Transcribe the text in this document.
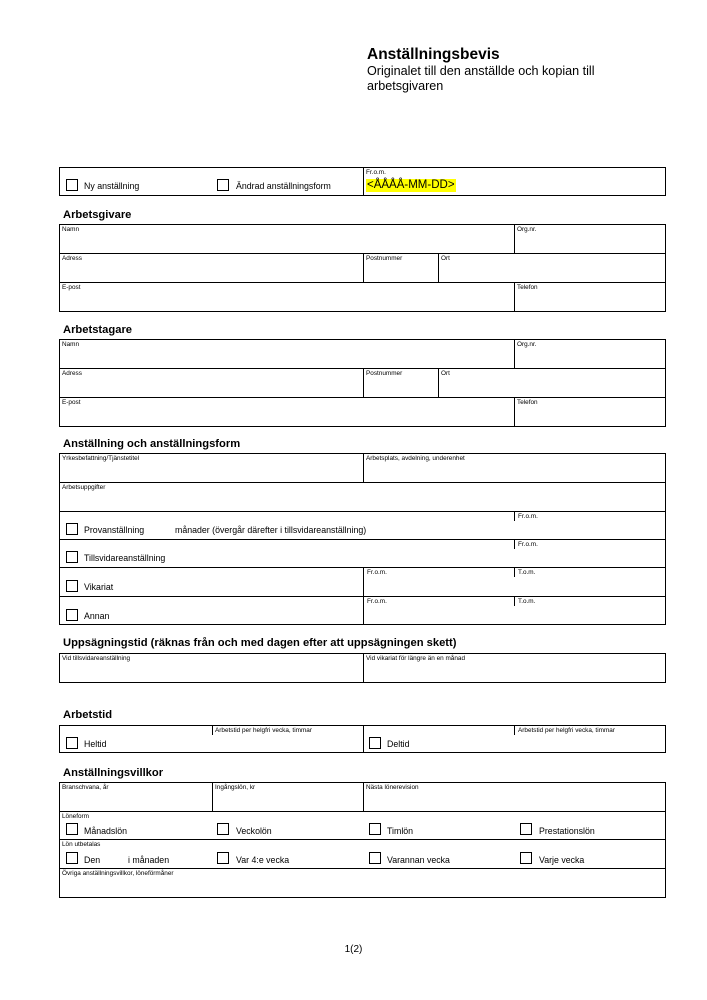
Anställningsbevis
Originalet till den anställde och kopian till arbetsgivaren
Ny anställning	Ändrad anställningsform
Fr.o.m.
<ÅÅÅÅ-MM-DD>
Arbetsgivare
Namn	Org.nr.
Adress	Postnummer	Ort
E-post	Telefon
Arbetstagare
Namn	Org.nr.
Adress	Postnummer	Ort
E-post	Telefon
Anställning och anställningsform
Yrkesbefattning/Tjänstetitel	Arbetsplats, avdelning, underenhet
Arbetsuppgifter
Provanställning	månader (övergår därefter i tillsvidareanställning)
Fr.o.m.
Tillsvidareanställning
Fr.o.m.
Vikariat
Fr.o.m.	T.o.m.
Annan
Fr.o.m.	T.o.m.
Uppsägningstid (räknas från och med dagen efter att uppsägningen skett)
Vid tillsvidareanställning	Vid vikariat för längre än en månad
Arbetstid
Arbetstid per helgfri vecka, timmar	Arbetstid per helgfri vecka, timmar
Heltid	Deltid
Anställningsvillkor
Branschvana, år	Ingångslön, kr	Nästa lönerevision
Löneform
Månadslön	Veckolön	Timlön	Prestationslön
Lön utbetalas
Den	i månaden	Var 4:e vecka	Varannan vecka	Varje vecka
Övriga anställningsvillkor, löneförmåner
1(2)
